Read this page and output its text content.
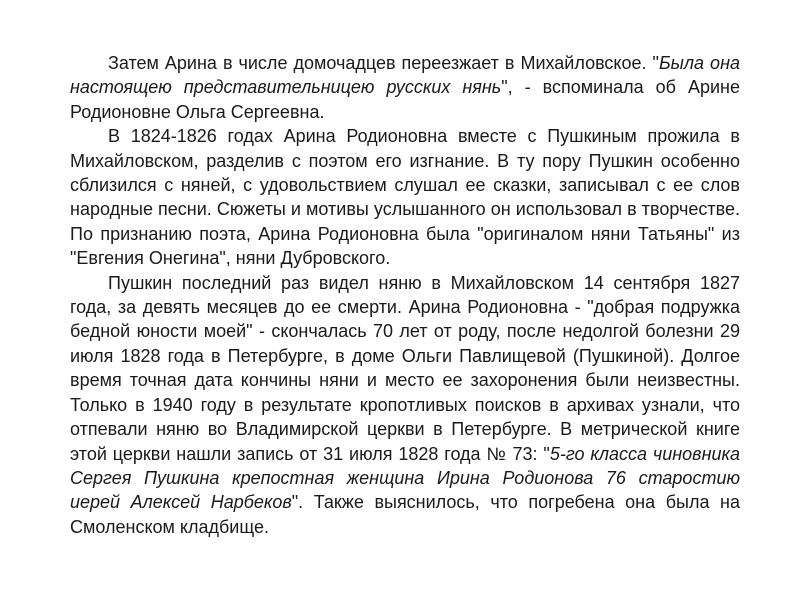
Затем Арина в числе домочадцев переезжает в Михайловское. "Была она настоящею представительницею русских нянь", - вспоминала об Арине Родионовне Ольга Сергеевна.

В 1824-1826 годах Арина Родионовна вместе с Пушкиным прожила в Михайловском, разделив с поэтом его изгнание. В ту пору Пушкин особенно сблизился с няней, с удовольствием слушал ее сказки, записывал с ее слов народные песни. Сюжеты и мотивы услышанного он использовал в творчестве. По признанию поэта, Арина Родионовна была "оригиналом няни Татьяны" из "Евгения Онегина", няни Дубровского.

Пушкин последний раз видел няню в Михайловском 14 сентября 1827 года, за девять месяцев до ее смерти. Арина Родионовна - "добрая подружка бедной юности моей" - скончалась 70 лет от роду, после недолгой болезни 29 июля 1828 года в Петербурге, в доме Ольги Павлищевой (Пушкиной). Долгое время точная дата кончины няни и место ее захоронения были неизвестны. Только в 1940 году в результате кропотливых поисков в архивах узнали, что отпевали няню во Владимирской церкви в Петербурге. В метрической книге этой церкви нашли запись от 31 июля 1828 года № 73: "5-го класса чиновника Сергея Пушкина крепостная женщина Ирина Родионова 76 старостию иерей Алексей Нарбеков". Также выяснилось, что погребена она была на Смоленском кладбище.
